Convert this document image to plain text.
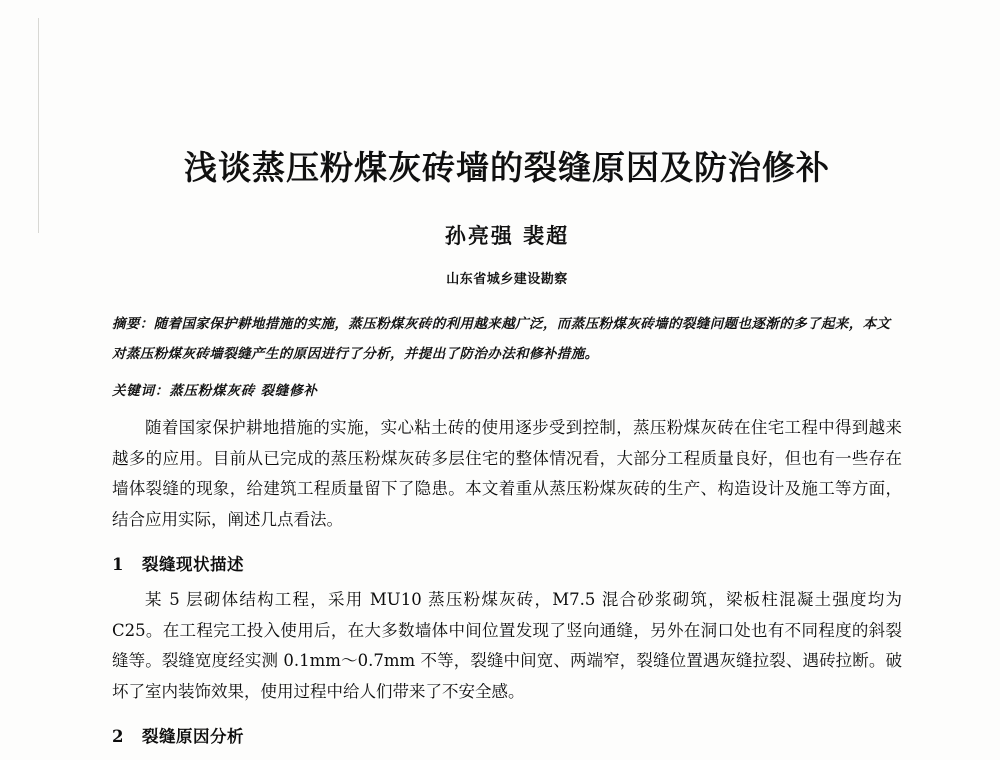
浅谈蒸压粉煤灰砖墙的裂缝原因及防治修补
孙亮强 裴超
山东省城乡建设勘察
摘要：随着国家保护耕地措施的实施，蒸压粉煤灰砖的利用越来越广泛，而蒸压粉煤灰砖墙的裂缝问题也逐渐的多了起来，本文对蒸压粉煤灰砖墙裂缝产生的原因进行了分析，并提出了防治办法和修补措施。
关键词：蒸压粉煤灰砖 裂缝修补
随着国家保护耕地措施的实施，实心粘土砖的使用逐步受到控制，蒸压粉煤灰砖在住宅工程中得到越来越多的应用。目前从已完成的蒸压粉煤灰砖多层住宅的整体情况看，大部分工程质量良好，但也有一些存在墙体裂缝的现象，给建筑工程质量留下了隐患。本文着重从蒸压粉煤灰砖的生产、构造设计及施工等方面，结合应用实际，阐述几点看法。
1 裂缝现状描述
某 5 层砌体结构工程，采用 MU10 蒸压粉煤灰砖，M7.5 混合砂浆砌筑，梁板柱混凝土强度均为 C25。在工程完工投入使用后，在大多数墙体中间位置发现了竖向通缝，另外在洞口处也有不同程度的斜裂缝等。裂缝宽度经实测 0.1mm～0.7mm 不等，裂缝中间宽、两端窄，裂缝位置遇灰缝拉裂、遇砖拉断。破坏了室内装饰效果，使用过程中给人们带来了不安全感。
2 裂缝原因分析
